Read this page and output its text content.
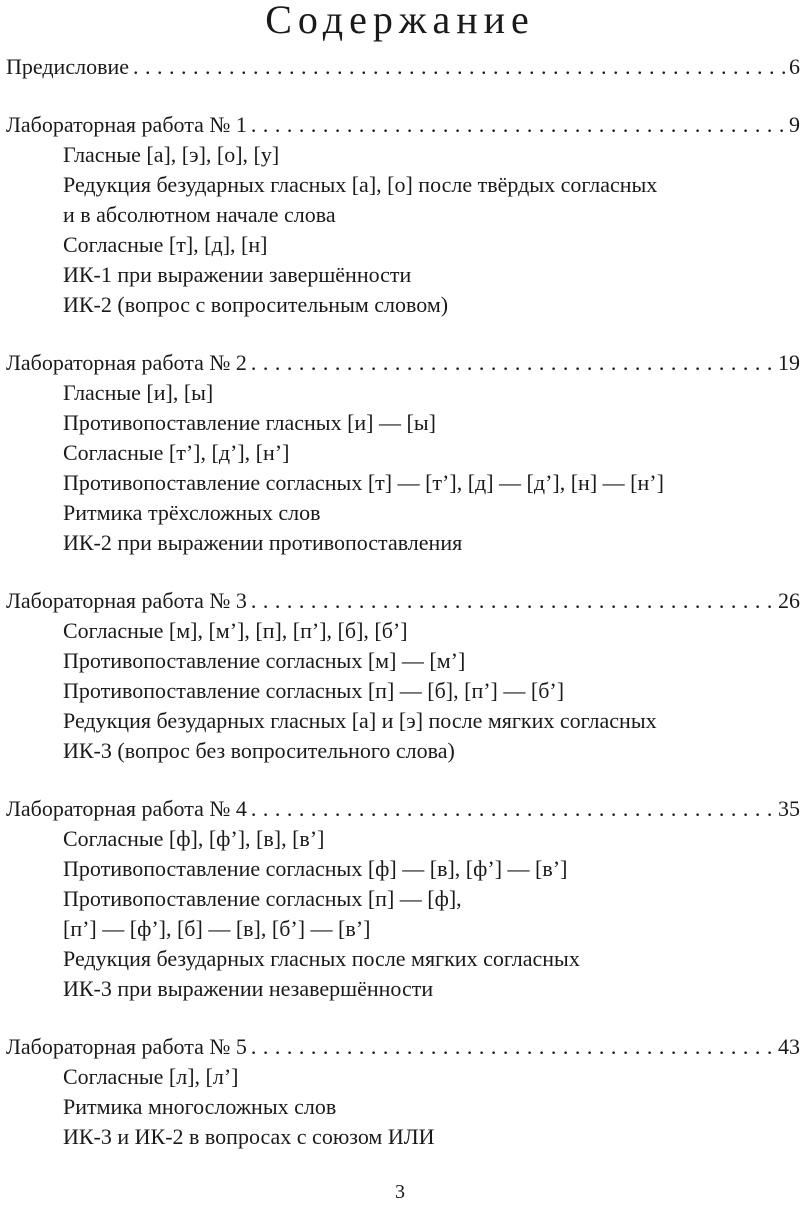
Содержание
Предисловие . . .	6
Лабораторная работа № 1 . . .	9
Гласные [а], [э], [о], [у]
Редукция безударных гласных [а], [о] после твёрдых согласных
и в абсолютном начале слова
Согласные [т], [д], [н]
ИК-1 при выражении завершённости
ИК-2 (вопрос с вопросительным словом)
Лабораторная работа № 2 . . .	19
Гласные [и], [ы]
Противопоставление гласных [и] — [ы]
Согласные [т’], [д’], [н’]
Противопоставление согласных [т] — [т’], [д] — [д’], [н] — [н’]
Ритмика трёхсложных слов
ИК-2 при выражении противопоставления
Лабораторная работа № 3 . . .	26
Согласные [м], [м’], [п], [п’], [б], [б’]
Противопоставление согласных [м] — [м’]
Противопоставление согласных [п] — [б], [п’] — [б’]
Редукция безударных гласных [а] и [э] после мягких согласных
ИК-3 (вопрос без вопросительного слова)
Лабораторная работа № 4 . . .	35
Согласные [ф], [ф’], [в], [в’]
Противопоставление согласных [ф] — [в], [ф’] — [в’]
Противопоставление согласных [п] — [ф],
[п’] — [ф’], [б] — [в], [б’] — [в’]
Редукция безударных гласных после мягких согласных
ИК-3 при выражении незавершённости
Лабораторная работа № 5 . . .	43
Согласные [л], [л’]
Ритмика многосложных слов
ИК-3 и ИК-2 в вопросах с союзом ИЛИ
3
